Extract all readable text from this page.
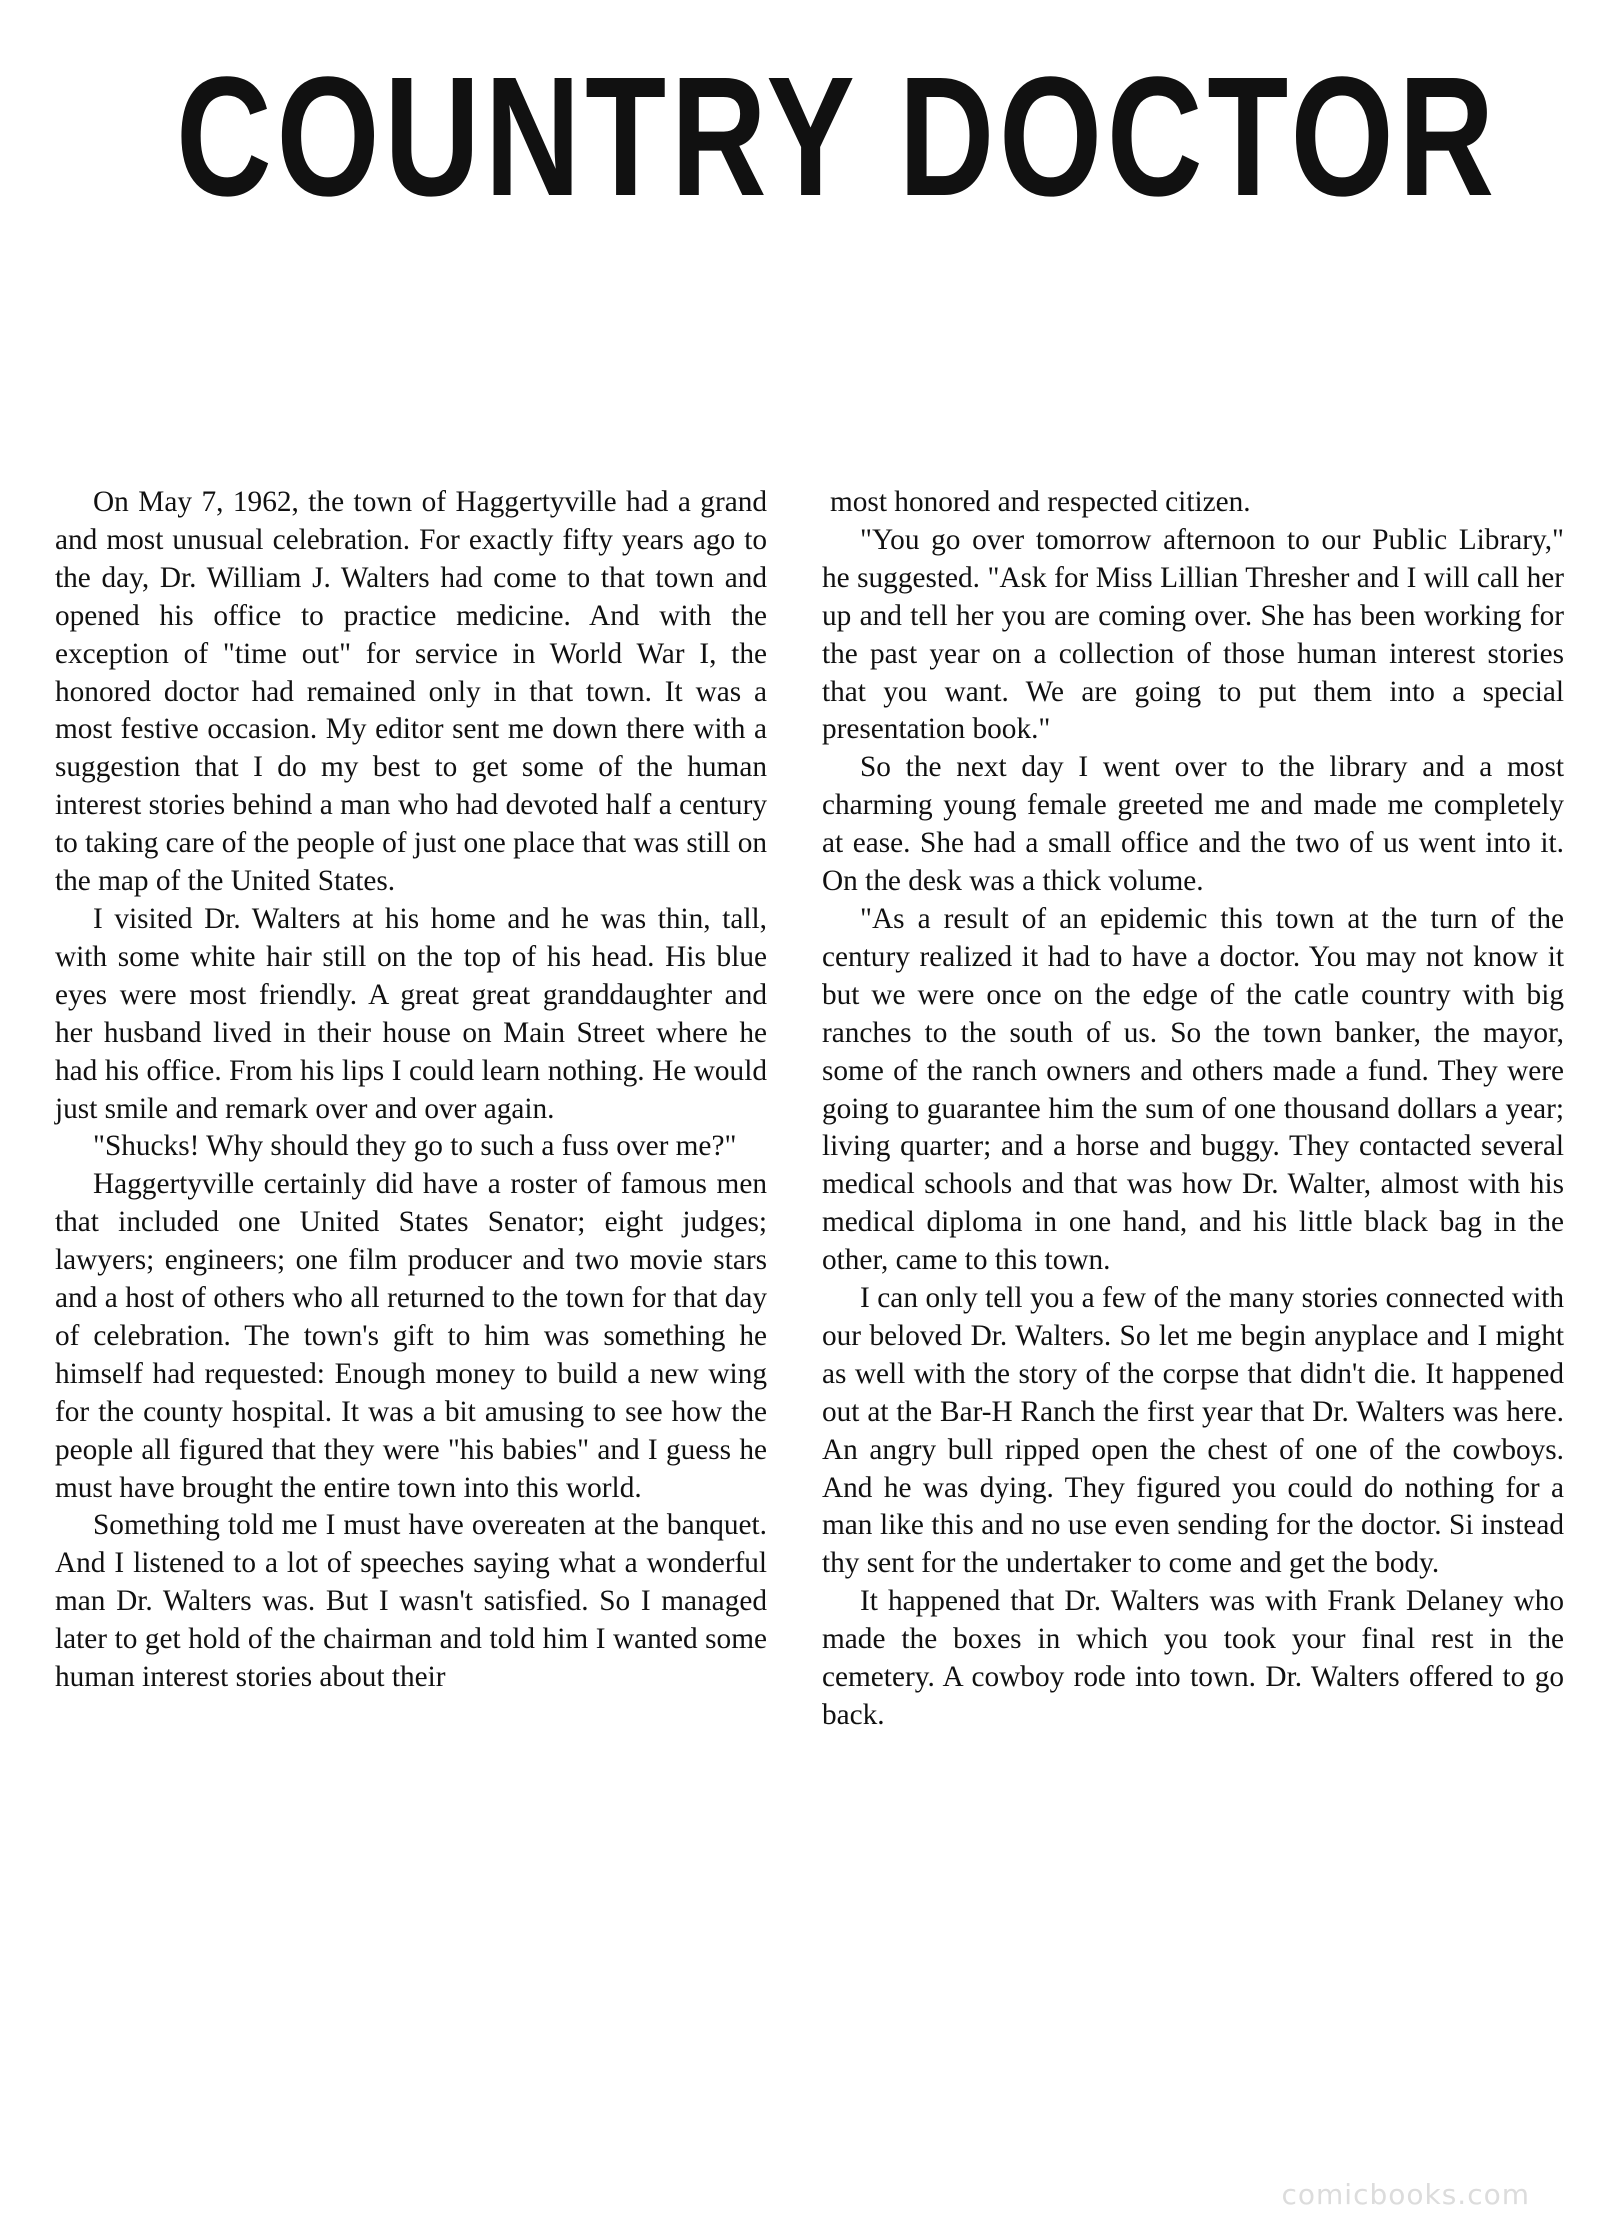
COUNTRY DOCTOR

On May 7, 1962, the town of Haggertyville had a grand and most unusual celebration. For exactly fifty years ago to the day, Dr. William J. Walters had come to that town and opened his office to practice medicine. And with the exception of "time out" for service in World War I, the honored doctor had remained only in that town. It was a most festive occasion. My editor sent me down there with a suggestion that I do my best to get some of the human interest stories behind a man who had devoted half a century to taking care of the people of just one place that was still on the map of the United States.

I visited Dr. Walters at his home and he was thin, tall, with some white hair still on the top of his head. His blue eyes were most friendly. A great great granddaughter and her husband lived in their house on Main Street where he had his office. From his lips I could learn nothing. He would just smile and remark over and over again.

"Shucks! Why should they go to such a fuss over me?"

Haggertyville certainly did have a roster of famous men that included one United States Senator; eight judges; lawyers; engineers; one film producer and two movie stars and a host of others who all returned to the town for that day of celebration. The town's gift to him was something he himself had requested: Enough money to build a new wing for the county hospital. It was a bit amusing to see how the people all figured that they were "his babies" and I guess he must have brought the entire town into this world.

Something told me I must have overeaten at the banquet. And I listened to a lot of speeches saying what a wonderful man Dr. Walters was. But I wasn't satisfied. So I managed later to get hold of the chairman and told him I wanted some human interest stories about their

most honored and respected citizen.

"You go over tomorrow afternoon to our Public Library," he suggested. "Ask for Miss Lillian Thresher and I will call her up and tell her you are coming over. She has been working for the past year on a collection of those human interest stories that you want. We are going to put them into a special presentation book."

So the next day I went over to the library and a most charming young female greeted me and made me completely at ease. She had a small office and the two of us went into it. On the desk was a thick volume.

"As a result of an epidemic this town at the turn of the century realized it had to have a doctor. You may not know it but we were once on the edge of the catle country with big ranches to the south of us. So the town banker, the mayor, some of the ranch owners and others made a fund. They were going to guarantee him the sum of one thousand dollars a year; living quarter; and a horse and buggy. They contacted several medical schools and that was how Dr. Walter, almost with his medical diploma in one hand, and his little black bag in the other, came to this town.

I can only tell you a few of the many stories connected with our beloved Dr. Walters. So let me begin anyplace and I might as well with the story of the corpse that didn't die. It happened out at the Bar-H Ranch the first year that Dr. Walters was here. An angry bull ripped open the chest of one of the cowboys. And he was dying. They figured you could do nothing for a man like this and no use even sending for the doctor. Si instead thy sent for the undertaker to come and get the body.

It happened that Dr. Walters was with Frank Delaney who made the boxes in which you took your final rest in the cemetery. A cowboy rode into town. Dr. Walters offered to go back.

comicbooks.com
